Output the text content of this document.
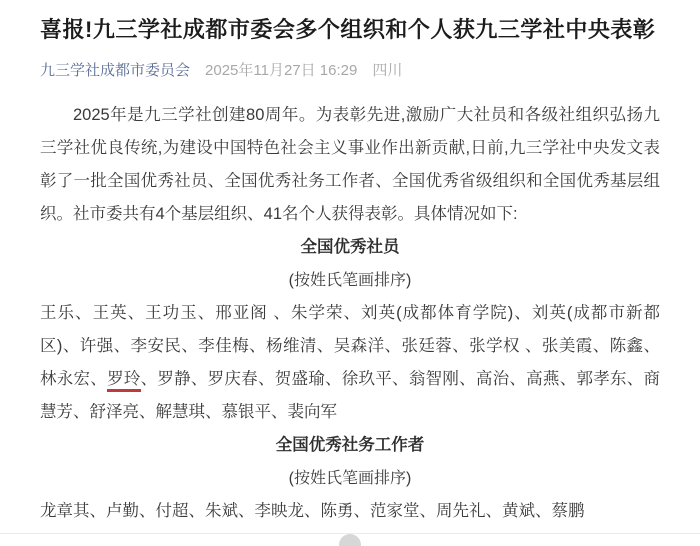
喜报!九三学社成都市委会多个组织和个人获九三学社中央表彰
九三学社成都市委员会 2025年11月27日 16:29 四川

2025年是九三学社创建80周年。为表彰先进,激励广大社员和各级社组织弘扬九三学社优良传统,为建设中国特色社会主义事业作出新贡献,日前,九三学社中央发文表彰了一批全国优秀社员、全国优秀社务工作者、全国优秀省级组织和全国优秀基层组织。社市委共有4个基层组织、41名个人获得表彰。具体情况如下:

全国优秀社员
(按姓氏笔画排序)

王乐、王英、王功玉、邢亚阁 、朱学荣、刘英(成都体育学院)、刘英(成都市新都区)、许强、李安民、李佳梅、杨维清、吴森洋、张廷蓉、张学权 、张美霞、陈鑫、林永宏、罗玲、罗静、罗庆春、贺盛瑜、徐玖平、翁智刚、高治、高燕、郭孝东、商慧芳、舒泽亮、解慧琪、慕银平、裴向军

全国优秀社务工作者
(按姓氏笔画排序)

龙章其、卢勤、付超、朱斌、李映龙、陈勇、范家堂、周先礼、黄斌、蔡鹏
